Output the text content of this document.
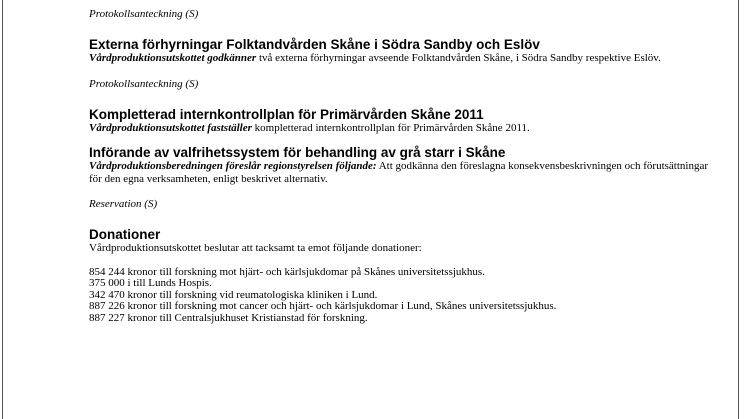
Protokollsanteckning (S)

Externa förhyrningar Folktandvården Skåne i Södra Sandby och Eslöv

Vårdproduktionsutskottet godkänner två externa förhyrningar avseende Folktandvården Skåne, i Södra Sandby respektive Eslöv.

Protokollsanteckning (S)

Kompletterad internkontrollplan för Primärvården Skåne 2011

Vårdproduktionsutskottet fastställer kompletterad internkontrollplan för Primärvården Skåne 2011.

Införande av valfrihetssystem för behandling av grå starr i Skåne

Vårdproduktionsberedningen föreslår regionstyrelsen följande: Att godkänna den föreslagna konsekvensbeskrivningen och förutsättningar för den egna verksamheten, enligt beskrivet alternativ.

Reservation (S)

Donationer

Vårdproduktionsutskottet beslutar att tacksamt ta emot följande donationer:

854 244 kronor till forskning mot hjärt- och kärlsjukdomar på Skånes universitetssjukhus.

375 000 i till Lunds Hospis.

342 470 kronor till forskning vid reumatologiska kliniken i Lund.

887 226 kronor till forskning mot cancer och hjärt- och kärlsjukdomar i Lund, Skånes universitetssjukhus.

887 227 kronor till Centralsjukhuset Kristianstad för forskning.
